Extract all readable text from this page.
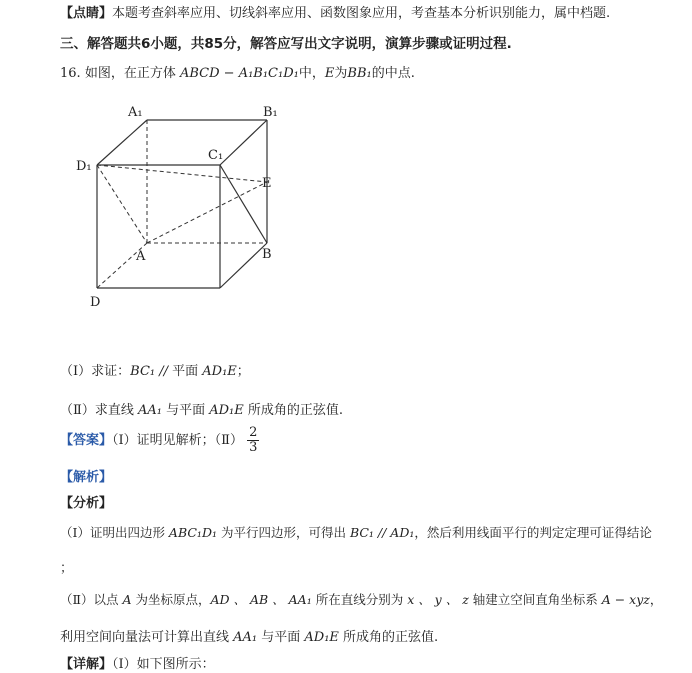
【点睛】本题考查斜率应用、切线斜率应用、函数图象应用，考查基本分析识别能力，属中档题.
三、解答题共6小题，共85分，解答应写出文字说明，演算步骤或证明过程.
16. 如图，在正方体 ABCD − A₁B₁C₁D₁中，E为BB₁的中点.
A₁	B₁
C₁
D₁
E
A	B
D
（Ⅰ）求证：BC₁ // 平面 AD₁E；
（Ⅱ）求直线 AA₁ 与平面 AD₁E 所成角的正弦值.
【答案】（Ⅰ）证明见解析；（Ⅱ） $\frac{2}{3}$
【解析】
【分析】
（Ⅰ）证明出四边形 ABC₁D₁ 为平行四边形，可得出 BC₁ // AD₁，然后利用线面平行的判定定理可证得结论
；
（Ⅱ）以点 A 为坐标原点，AD 、 AB 、 AA₁ 所在直线分别为 x 、 y 、 z 轴建立空间直角坐标系 A − xyz，
利用空间向量法可计算出直线 AA₁ 与平面 AD₁E 所成角的正弦值.
【详解】（Ⅰ）如下图所示：
